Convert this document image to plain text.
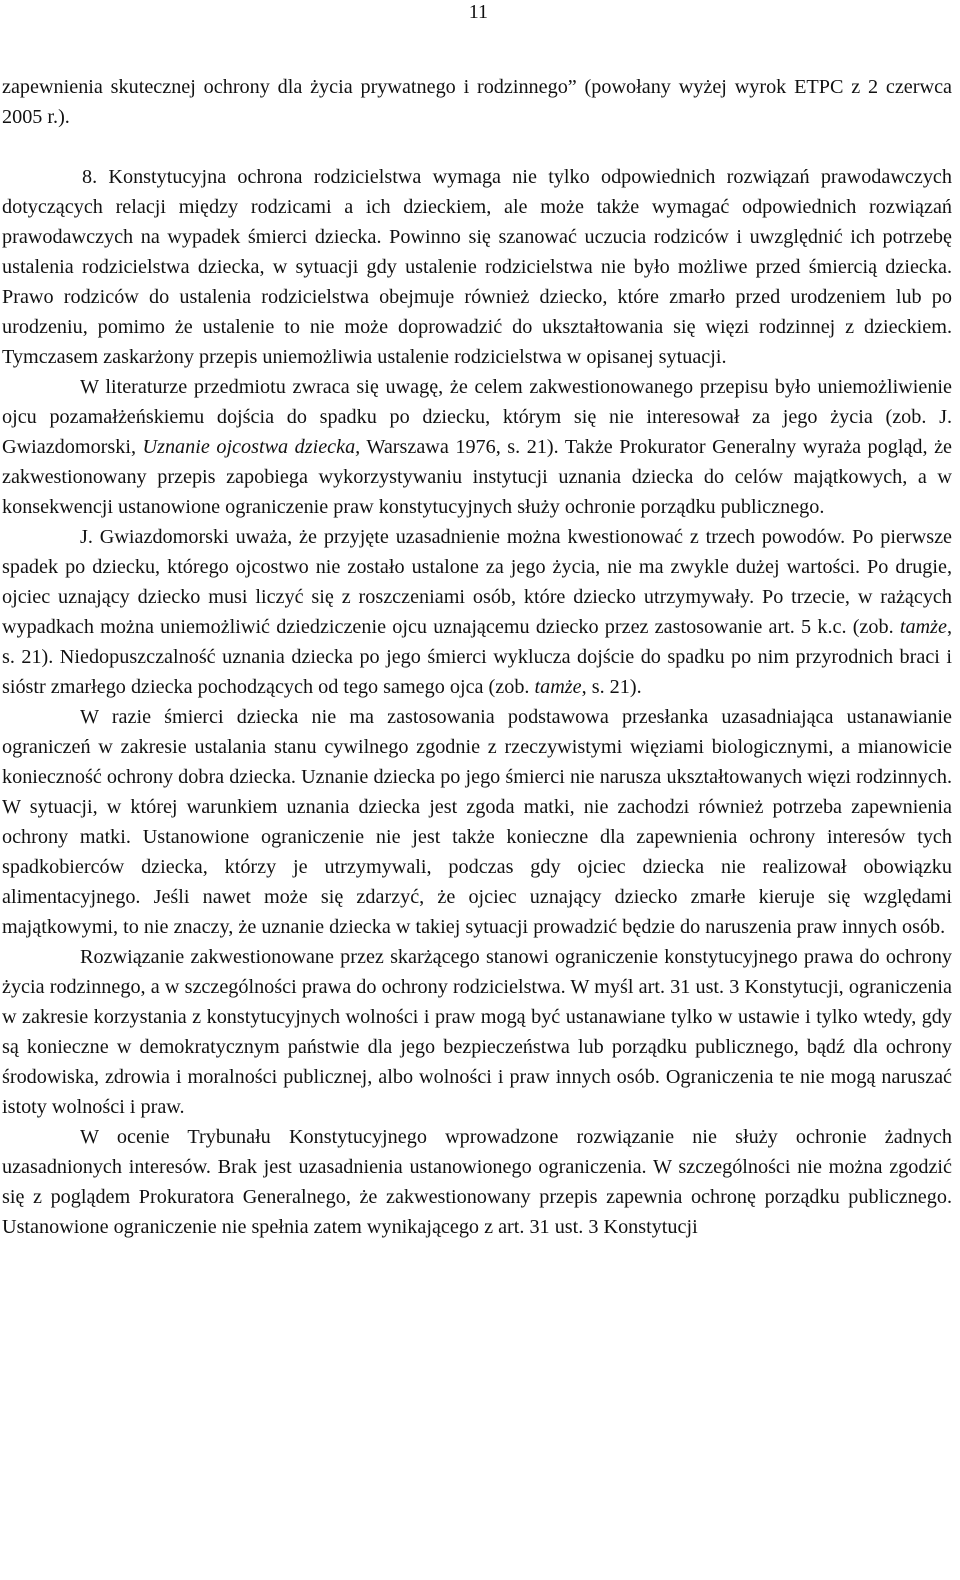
11

zapewnienia skutecznej ochrony dla życia prywatnego i rodzinnego” (powołany wyżej wyrok ETPC z 2 czerwca 2005 r.).

8. Konstytucyjna ochrona rodzicielstwa wymaga nie tylko odpowiednich rozwiązań prawodawczych dotyczących relacji między rodzicami a ich dzieckiem, ale może także wymagać odpowiednich rozwiązań prawodawczych na wypadek śmierci dziecka. Powinno się szanować uczucia rodziców i uwzględnić ich potrzebę ustalenia rodzicielstwa dziecka, w sytuacji gdy ustalenie rodzicielstwa nie było możliwe przed śmiercią dziecka. Prawo rodziców do ustalenia rodzicielstwa obejmuje również dziecko, które zmarło przed urodzeniem lub po urodzeniu, pomimo że ustalenie to nie może doprowadzić do ukształtowania się więzi rodzinnej z dzieckiem. Tymczasem zaskarżony przepis uniemożliwia ustalenie rodzicielstwa w opisanej sytuacji.

W literaturze przedmiotu zwraca się uwagę, że celem zakwestionowanego przepisu było uniemożliwienie ojcu pozamałżeńskiemu dojścia do spadku po dziecku, którym się nie interesował za jego życia (zob. J. Gwiazdomorski, Uznanie ojcostwa dziecka, Warszawa 1976, s. 21). Także Prokurator Generalny wyraża pogląd, że zakwestionowany przepis zapobiega wykorzystywaniu instytucji uznania dziecka do celów majątkowych, a w konsekwencji ustanowione ograniczenie praw konstytucyjnych służy ochronie porządku publicznego.

J. Gwiazdomorski uważa, że przyjęte uzasadnienie można kwestionować z trzech powodów. Po pierwsze spadek po dziecku, którego ojcostwo nie zostało ustalone za jego życia, nie ma zwykle dużej wartości. Po drugie, ojciec uznający dziecko musi liczyć się z roszczeniami osób, które dziecko utrzymywały. Po trzecie, w rażących wypadkach można uniemożliwić dziedziczenie ojcu uznającemu dziecko przez zastosowanie art. 5 k.c. (zob. tamże, s. 21). Niedopuszczalność uznania dziecka po jego śmierci wyklucza dojście do spadku po nim przyrodnich braci i sióstr zmarłego dziecka pochodzących od tego samego ojca (zob. tamże, s. 21).

W razie śmierci dziecka nie ma zastosowania podstawowa przesłanka uzasadniająca ustanawianie ograniczeń w zakresie ustalania stanu cywilnego zgodnie z rzeczywistymi więziami biologicznymi, a mianowicie konieczność ochrony dobra dziecka. Uznanie dziecka po jego śmierci nie narusza ukształtowanych więzi rodzinnych. W sytuacji, w której warunkiem uznania dziecka jest zgoda matki, nie zachodzi również potrzeba zapewnienia ochrony matki. Ustanowione ograniczenie nie jest także konieczne dla zapewnienia ochrony interesów tych spadkobierców dziecka, którzy je utrzymywali, podczas gdy ojciec dziecka nie realizował obowiązku alimentacyjnego. Jeśli nawet może się zdarzyć, że ojciec uznający dziecko zmarłe kieruje się względami majątkowymi, to nie znaczy, że uznanie dziecka w takiej sytuacji prowadzić będzie do naruszenia praw innych osób.

Rozwiązanie zakwestionowane przez skarżącego stanowi ograniczenie konstytucyjnego prawa do ochrony życia rodzinnego, a w szczególności prawa do ochrony rodzicielstwa. W myśl art. 31 ust. 3 Konstytucji, ograniczenia w zakresie korzystania z konstytucyjnych wolności i praw mogą być ustanawiane tylko w ustawie i tylko wtedy, gdy są konieczne w demokratycznym państwie dla jego bezpieczeństwa lub porządku publicznego, bądź dla ochrony środowiska, zdrowia i moralności publicznej, albo wolności i praw innych osób. Ograniczenia te nie mogą naruszać istoty wolności i praw.

W ocenie Trybunału Konstytucyjnego wprowadzone rozwiązanie nie służy ochronie żadnych uzasadnionych interesów. Brak jest uzasadnienia ustanowionego ograniczenia. W szczególności nie można zgodzić się z poglądem Prokuratora Generalnego, że zakwestionowany przepis zapewnia ochronę porządku publicznego. Ustanowione ograniczenie nie spełnia zatem wynikającego z art. 31 ust. 3 Konstytucji
